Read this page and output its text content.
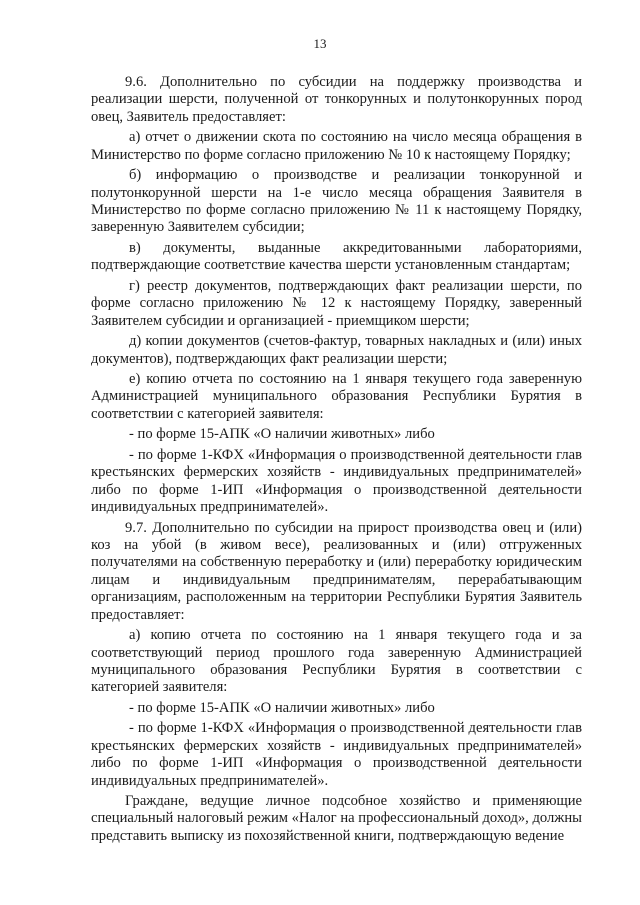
13

9.6. Дополнительно по субсидии на поддержку производства и реализации шерсти, полученной от тонкорунных и полутонкорунных пород овец, Заявитель предоставляет:

а) отчет о движении скота по состоянию на число месяца обращения в Министерство по форме согласно приложению № 10 к настоящему Порядку;

б) информацию о производстве и реализации тонкорунной и полутонкорунной шерсти на 1-е число месяца обращения Заявителя в Министерство по форме согласно приложению № 11 к настоящему Порядку, заверенную Заявителем субсидии;

в) документы, выданные аккредитованными лабораториями, подтверждающие соответствие качества шерсти установленным стандартам;

г) реестр документов, подтверждающих факт реализации шерсти, по форме согласно приложению № 12 к настоящему Порядку, заверенный Заявителем субсидии и организацией - приемщиком шерсти;

д) копии документов (счетов-фактур, товарных накладных и (или) иных документов), подтверждающих факт реализации шерсти;

е) копию отчета по состоянию на 1 января текущего года заверенную Администрацией муниципального образования Республики Бурятия в соответствии с категорией заявителя:

- по форме 15-АПК «О наличии животных» либо

- по форме 1-КФХ «Информация о производственной деятельности глав крестьянских фермерских хозяйств - индивидуальных предпринимателей» либо по форме 1-ИП «Информация о производственной деятельности индивидуальных предпринимателей».

9.7. Дополнительно по субсидии на прирост производства овец и (или) коз на убой (в живом весе), реализованных и (или) отгруженных получателями на собственную переработку и (или) переработку юридическим лицам и индивидуальным предпринимателям, перерабатывающим организациям, расположенным на территории Республики Бурятия Заявитель предоставляет:

а) копию отчета по состоянию на 1 января текущего года и за соответствующий период прошлого года заверенную Администрацией муниципального образования Республики Бурятия в соответствии с категорией заявителя:

- по форме 15-АПК «О наличии животных» либо

- по форме 1-КФХ «Информация о производственной деятельности глав крестьянских фермерских хозяйств - индивидуальных предпринимателей» либо по форме 1-ИП «Информация о производственной деятельности индивидуальных предпринимателей».

Граждане, ведущие личное подсобное хозяйство и применяющие специальный налоговый режим «Налог на профессиональный доход», должны представить выписку из похозяйственной книги, подтверждающую ведение
